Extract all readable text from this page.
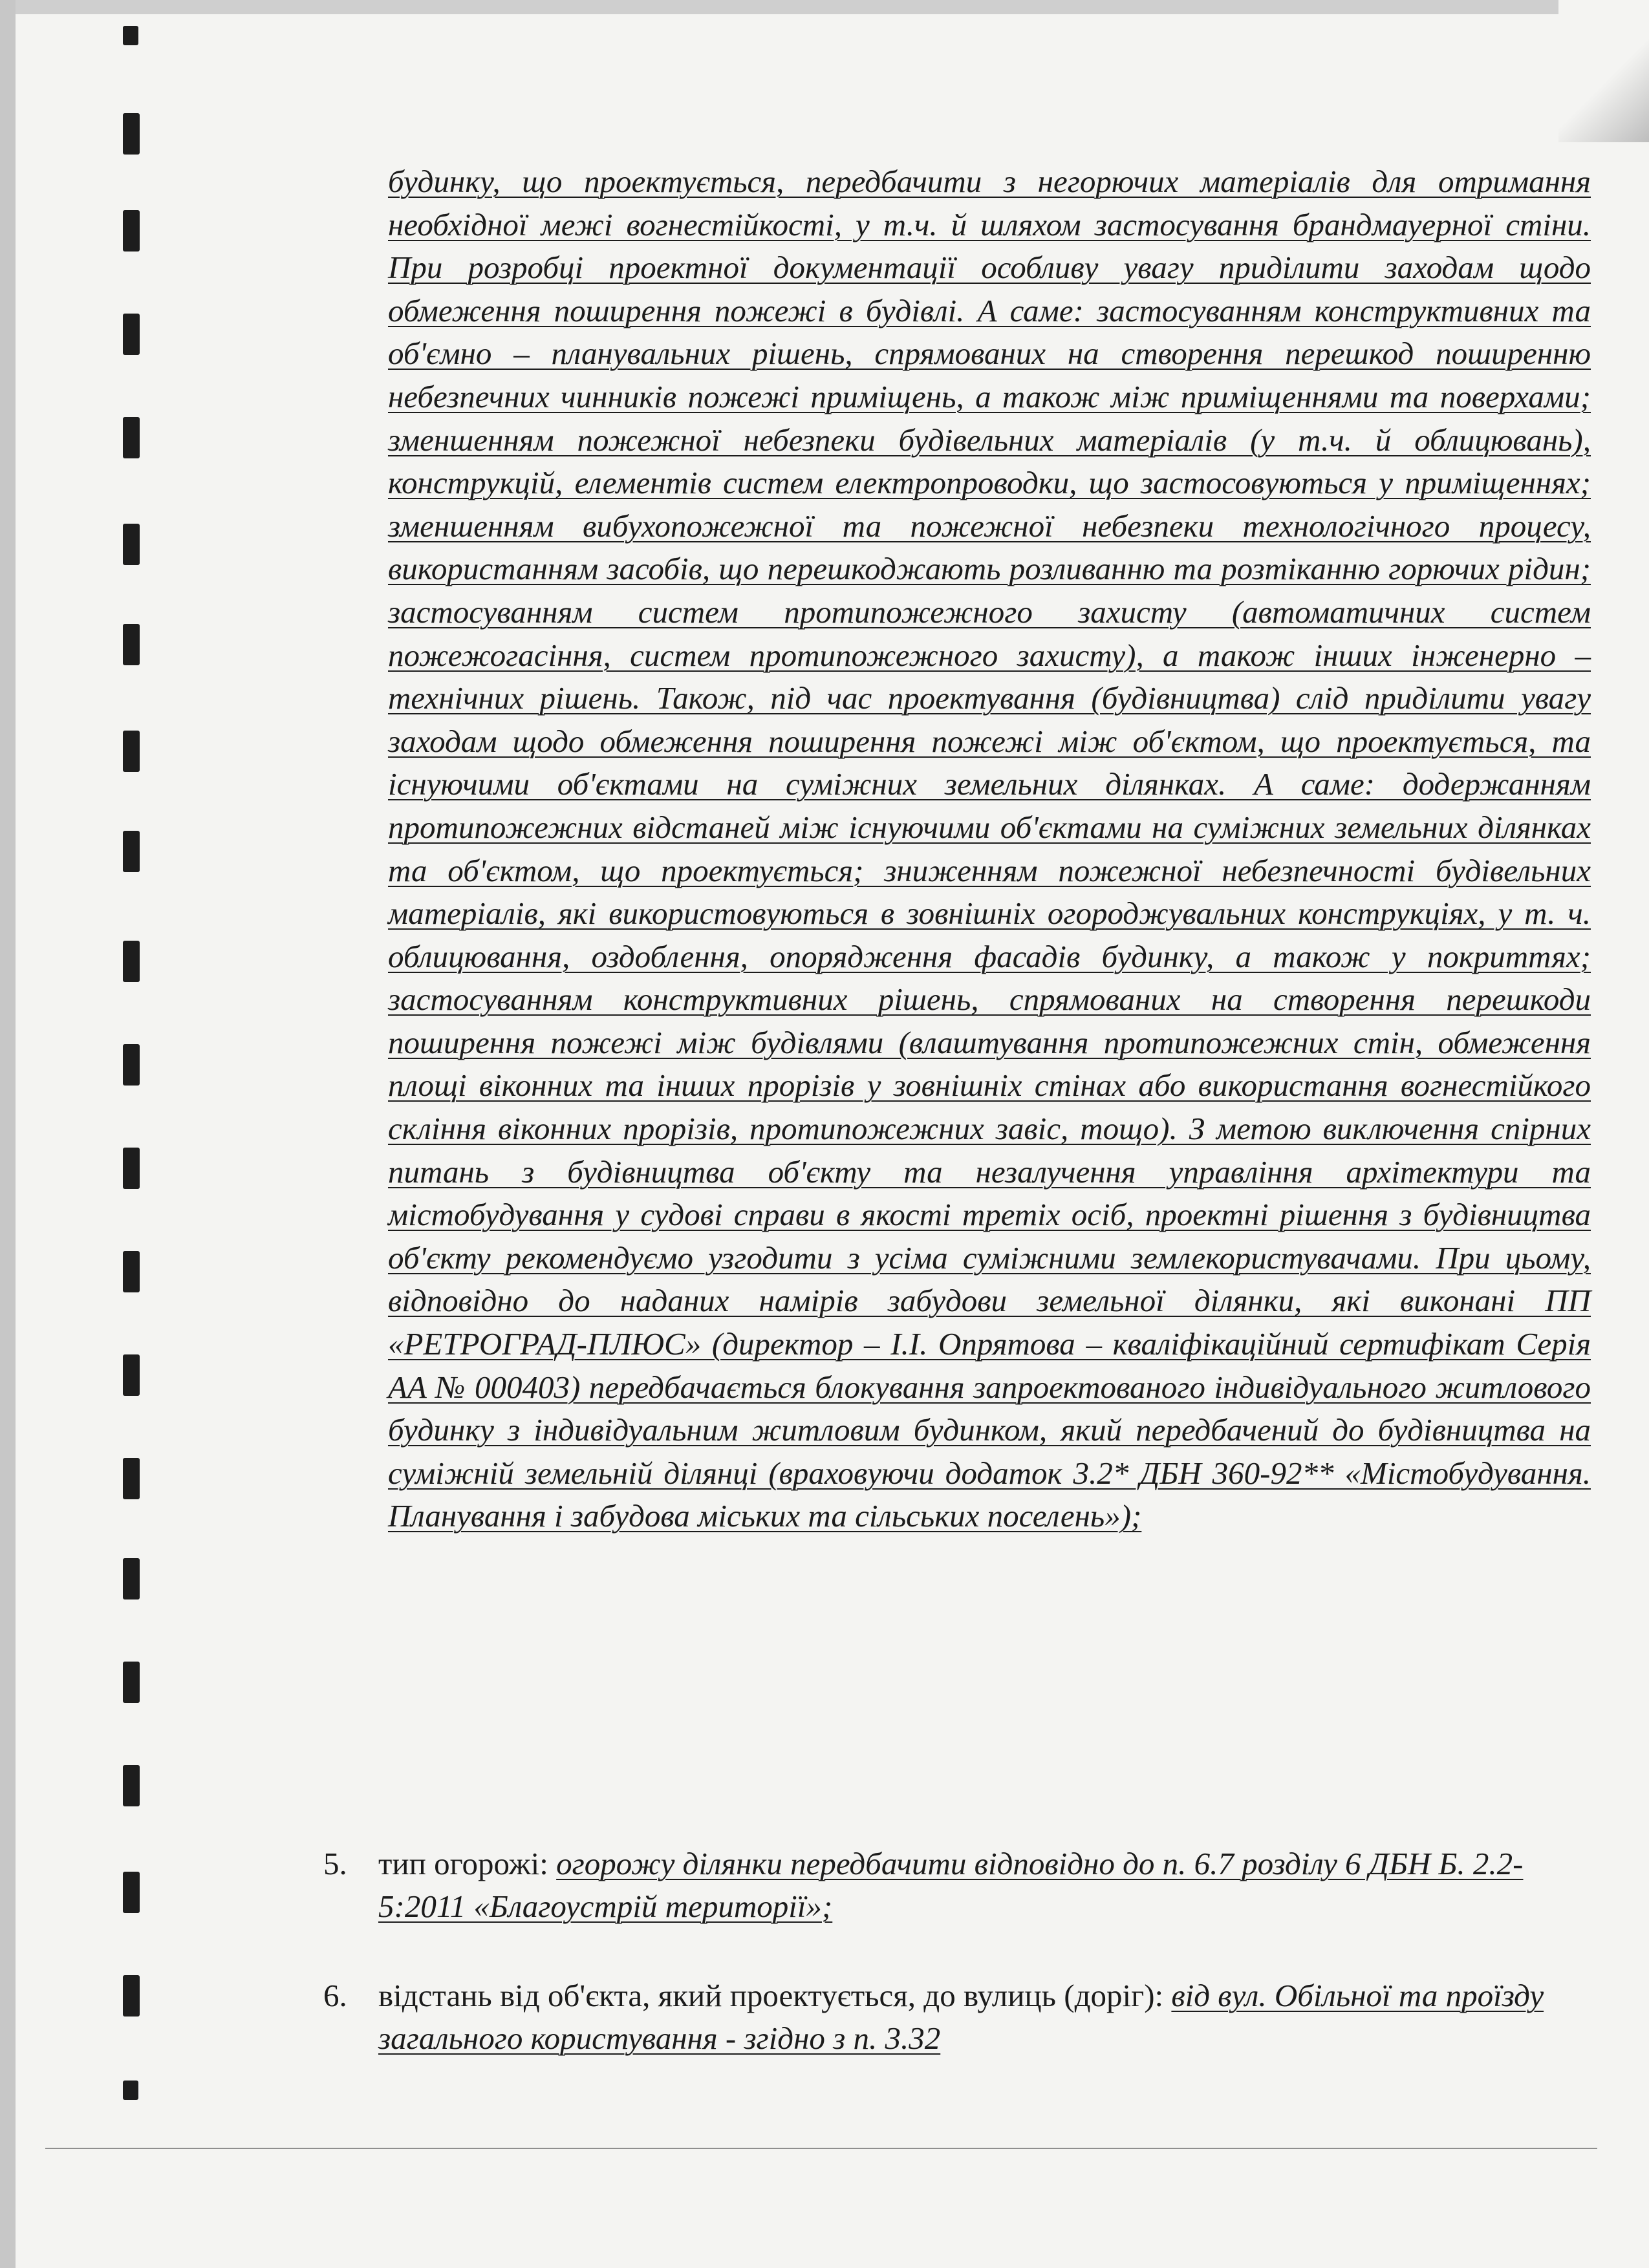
будинку, що проектується, передбачити з негорючих матеріалів для отримання необхідної межі вогнестійкості, у т.ч. й шляхом застосування брандмауерної стіни. При розробці проектної документації особливу увагу приділити заходам щодо обмеження поширення пожежі в будівлі. А саме: застосуванням конструктивних та об'ємно – планувальних рішень, спрямованих на створення перешкод поширенню небезпечних чинників пожежі приміщень, а також між приміщеннями та поверхами; зменшенням пожежної небезпеки будівельних матеріалів (у т.ч. й облицювань), конструкцій, елементів систем електропроводки, що застосовуються у приміщеннях; зменшенням вибухопожежної та пожежної небезпеки технологічного процесу, використанням засобів, що перешкоджають розливанню та розтіканню горючих рідин; застосуванням систем протипожежного захисту (автоматичних систем пожежогасіння, систем протипожежного захисту), а також інших інженерно – технічних рішень. Також, під час проектування (будівництва) слід приділити увагу заходам щодо обмеження поширення пожежі між об'єктом, що проектується, та існуючими об'єктами на суміжних земельних ділянках. А саме: додержанням протипожежних відстаней між існуючими об'єктами на суміжних земельних ділянках та об'єктом, що проектується; зниженням пожежної небезпечності будівельних матеріалів, які використовуються в зовнішніх огороджувальних конструкціях, у т. ч. облицювання, оздоблення, опорядження фасадів будинку, а також у покриттях; застосуванням конструктивних рішень, спрямованих на створення перешкоди поширення пожежі між будівлями (влаштування протипожежних стін, обмеження площі віконних та інших прорізів у зовнішніх стінах або використання вогнестійкого скління віконних прорізів, протипожежних завіс, тощо). З метою виключення спірних питань з будівництва об'єкту та незалучення управління архітектури та містобудування у судові справи в якості третіх осіб, проектні рішення з будівництва об'єкту рекомендуємо узгодити з усіма суміжними землекористувачами. При цьому, відповідно до наданих намірів забудови земельної ділянки, які виконані ПП «РЕТРОГРАД-ПЛЮС» (директор – І.І. Опрятова – кваліфікаційний сертифікат Серія АА № 000403) передбачається блокування запроектованого індивідуального житлового будинку з індивідуальним житловим будинком, який передбачений до будівництва на суміжній земельній ділянці (враховуючи додаток 3.2* ДБН 360-92** «Містобудування. Планування і забудова міських та сільських поселень»);

5. тип огорожі: огорожу ділянки передбачити відповідно до п. 6.7 розділу 6 ДБН Б. 2.2-5:2011 «Благоустрій території»;
6. відстань від об'єкта, який проектується, до вулиць (доріг): від вул. Обільної та проїзду загального користування - згідно з п. 3.32
